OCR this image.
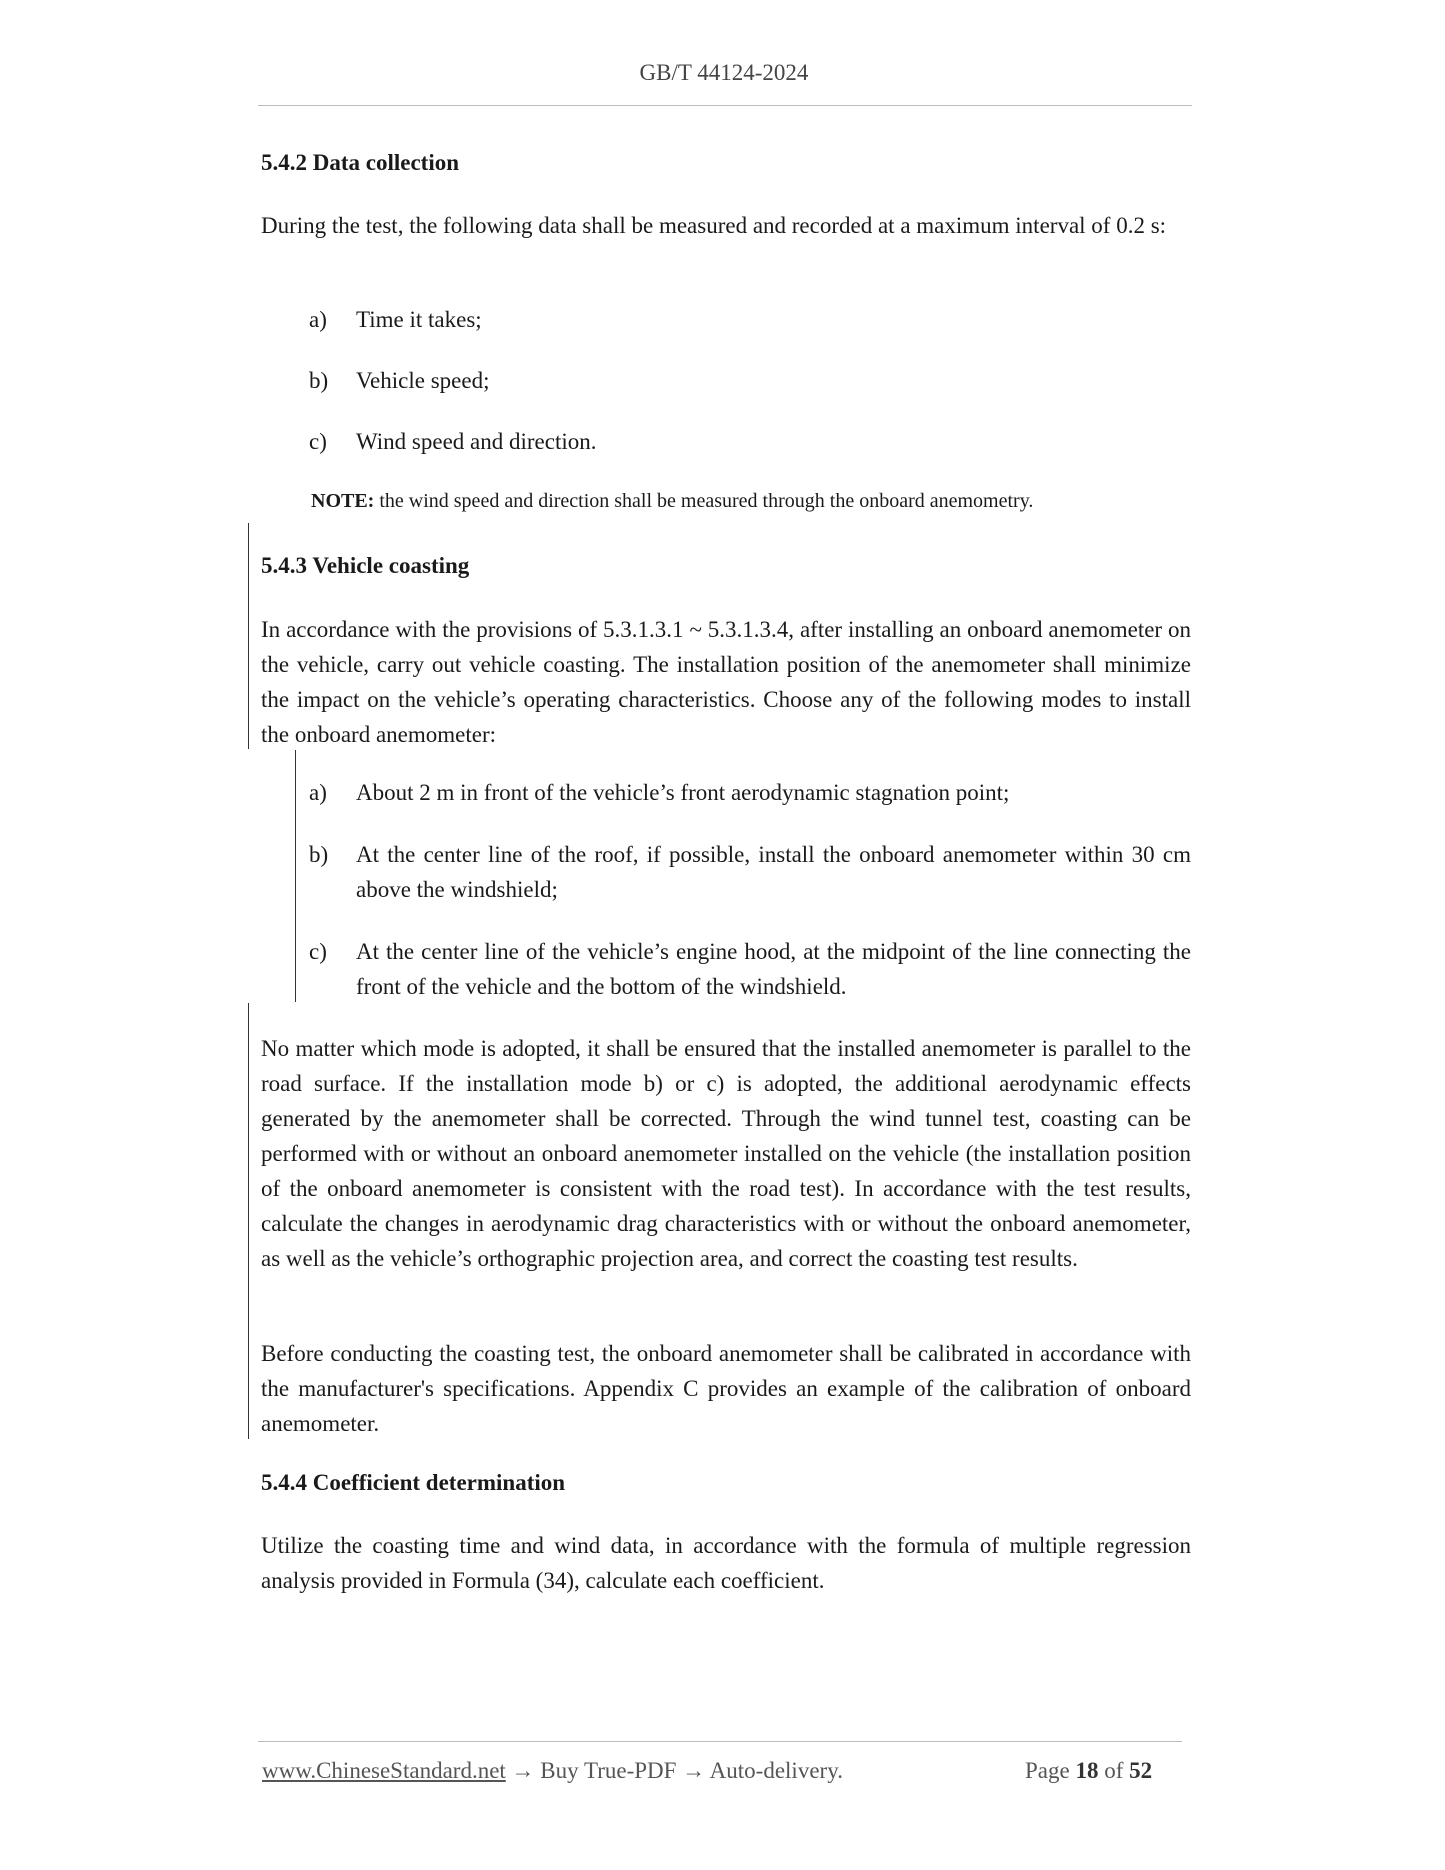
GB/T 44124-2024
5.4.2 Data collection
During the test, the following data shall be measured and recorded at a maximum interval of 0.2 s:
a) Time it takes;
b) Vehicle speed;
c) Wind speed and direction.
NOTE: the wind speed and direction shall be measured through the onboard anemometry.
5.4.3 Vehicle coasting
In accordance with the provisions of 5.3.1.3.1 ~ 5.3.1.3.4, after installing an onboard anemometer on the vehicle, carry out vehicle coasting. The installation position of the anemometer shall minimize the impact on the vehicle’s operating characteristics. Choose any of the following modes to install the onboard anemometer:
a) About 2 m in front of the vehicle’s front aerodynamic stagnation point;
b) At the center line of the roof, if possible, install the onboard anemometer within 30 cm above the windshield;
c) At the center line of the vehicle’s engine hood, at the midpoint of the line connecting the front of the vehicle and the bottom of the windshield.
No matter which mode is adopted, it shall be ensured that the installed anemometer is parallel to the road surface. If the installation mode b) or c) is adopted, the additional aerodynamic effects generated by the anemometer shall be corrected. Through the wind tunnel test, coasting can be performed with or without an onboard anemometer installed on the vehicle (the installation position of the onboard anemometer is consistent with the road test). In accordance with the test results, calculate the changes in aerodynamic drag characteristics with or without the onboard anemometer, as well as the vehicle’s orthographic projection area, and correct the coasting test results.
Before conducting the coasting test, the onboard anemometer shall be calibrated in accordance with the manufacturer's specifications. Appendix C provides an example of the calibration of onboard anemometer.
5.4.4 Coefficient determination
Utilize the coasting time and wind data, in accordance with the formula of multiple regression analysis provided in Formula (34), calculate each coefficient.
www.ChineseStandard.net → Buy True-PDF → Auto-delivery.	Page 18 of 52
